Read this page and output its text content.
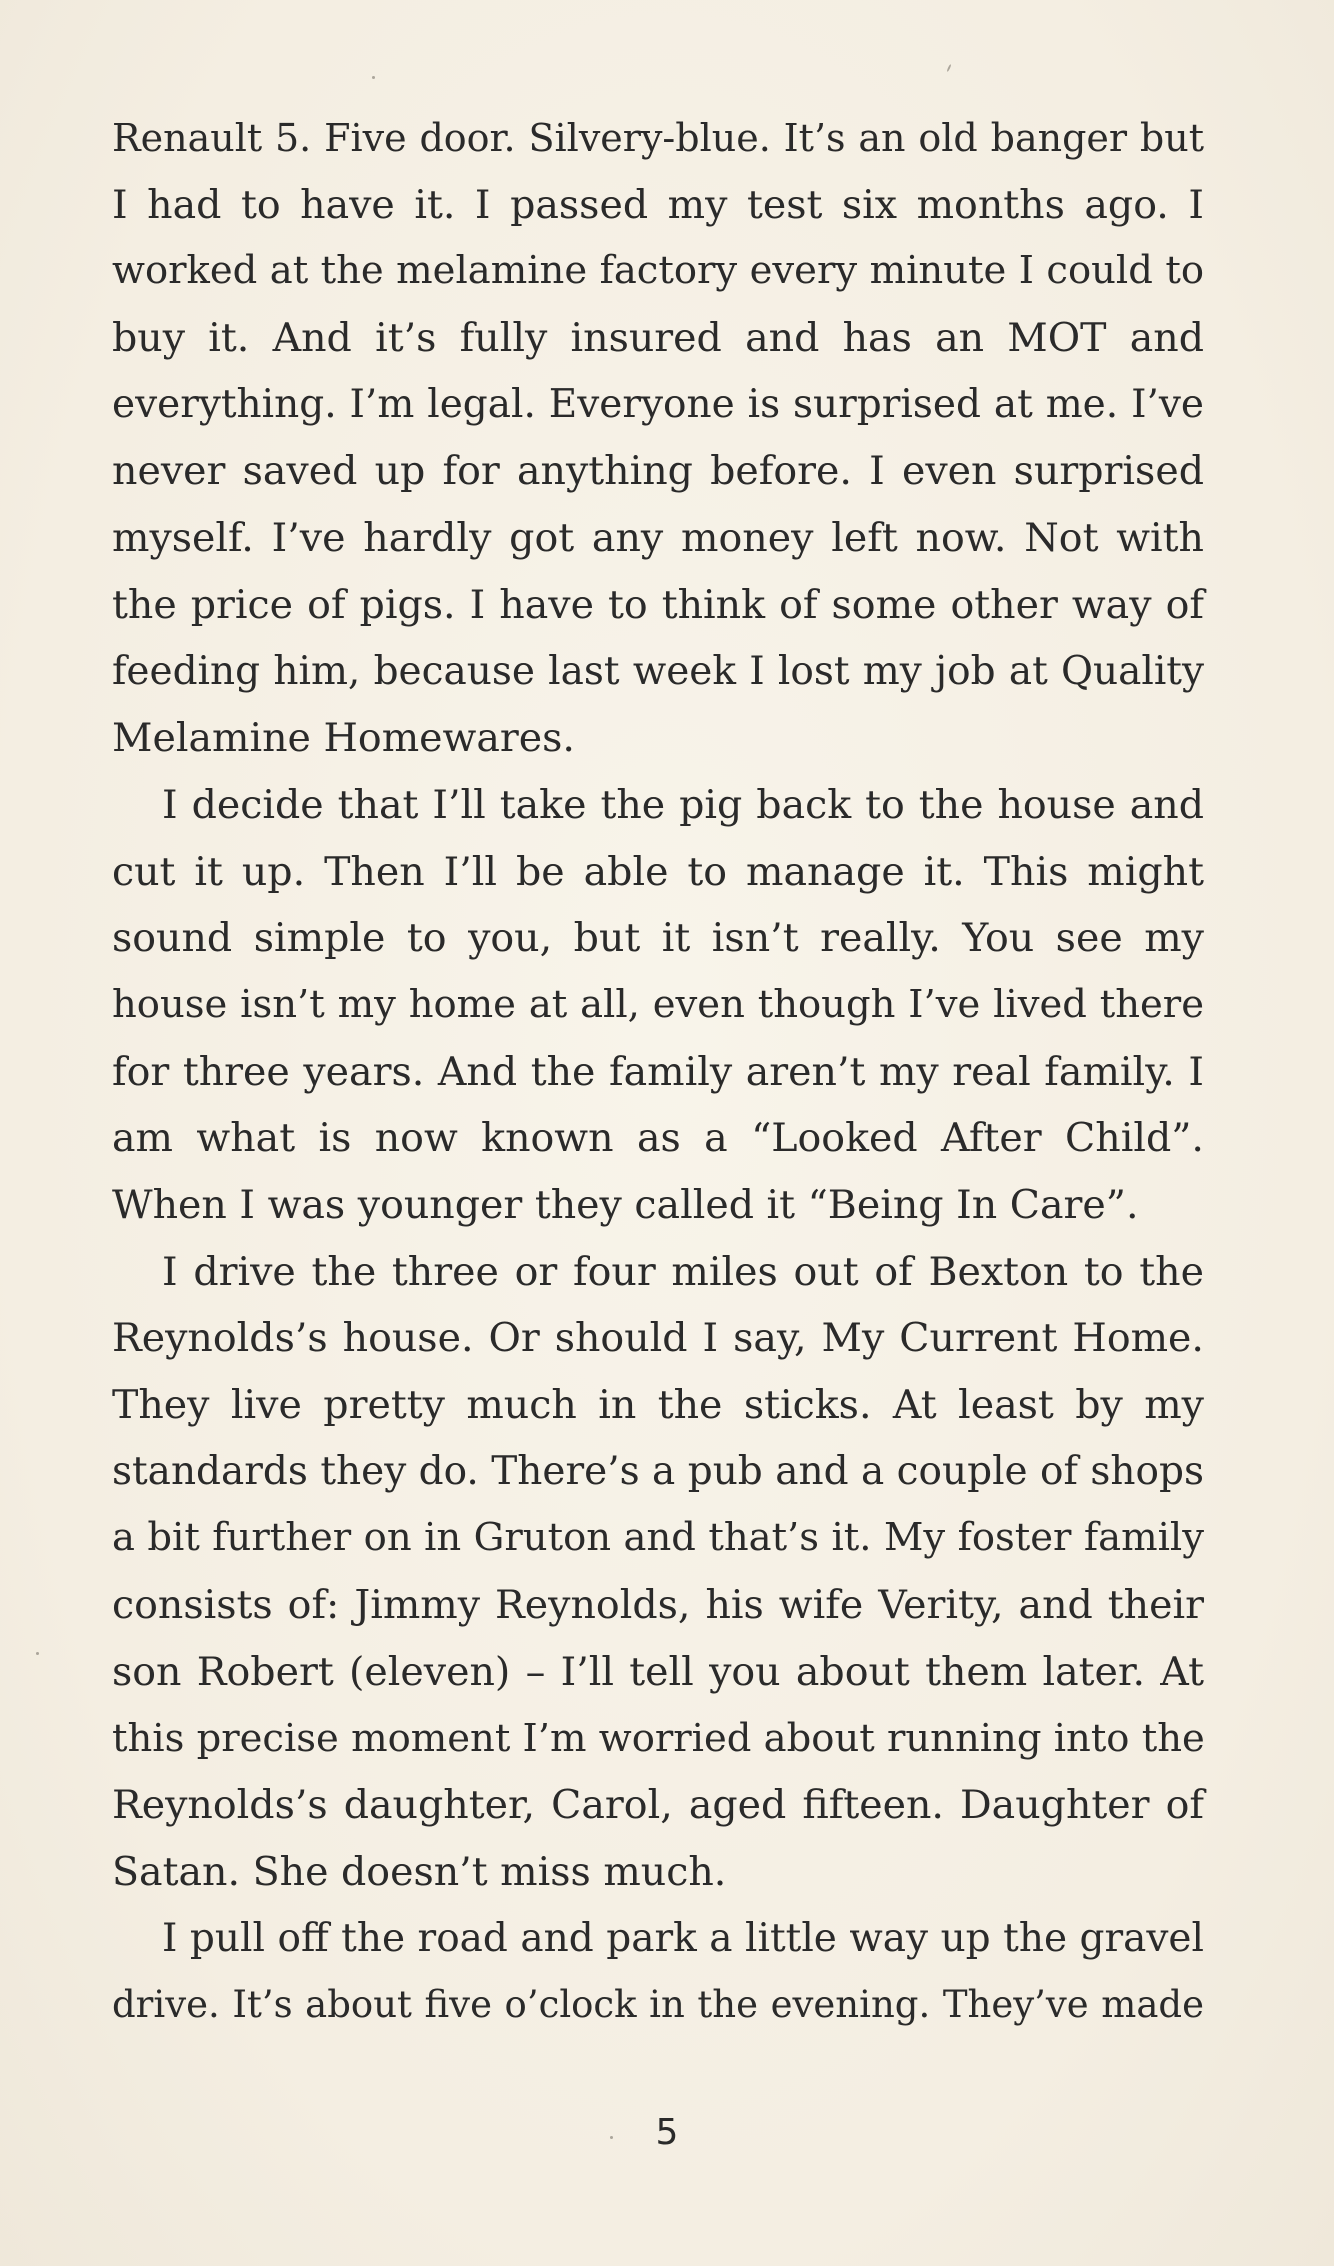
Renault 5. Five door. Silvery-blue. It’s an old banger but
I had to have it. I passed my test six months ago. I
worked at the melamine factory every minute I could to
buy it. And it’s fully insured and has an MOT and
everything. I’m legal. Everyone is surprised at me. I’ve
never saved up for anything before. I even surprised
myself. I’ve hardly got any money left now. Not with
the price of pigs. I have to think of some other way of
feeding him, because last week I lost my job at Quality
Melamine Homewares.
I decide that I’ll take the pig back to the house and
cut it up. Then I’ll be able to manage it. This might
sound simple to you, but it isn’t really. You see my
house isn’t my home at all, even though I’ve lived there
for three years. And the family aren’t my real family. I
am what is now known as a “Looked After Child”.
When I was younger they called it “Being In Care”.
I drive the three or four miles out of Bexton to the
Reynolds’s house. Or should I say, My Current Home.
They live pretty much in the sticks. At least by my
standards they do. There’s a pub and a couple of shops
a bit further on in Gruton and that’s it. My foster family
consists of: Jimmy Reynolds, his wife Verity, and their
son Robert (eleven) – I’ll tell you about them later. At
this precise moment I’m worried about running into the
Reynolds’s daughter, Carol, aged fifteen. Daughter of
Satan. She doesn’t miss much.
I pull off the road and park a little way up the gravel
drive. It’s about five o’clock in the evening. They’ve made
5
